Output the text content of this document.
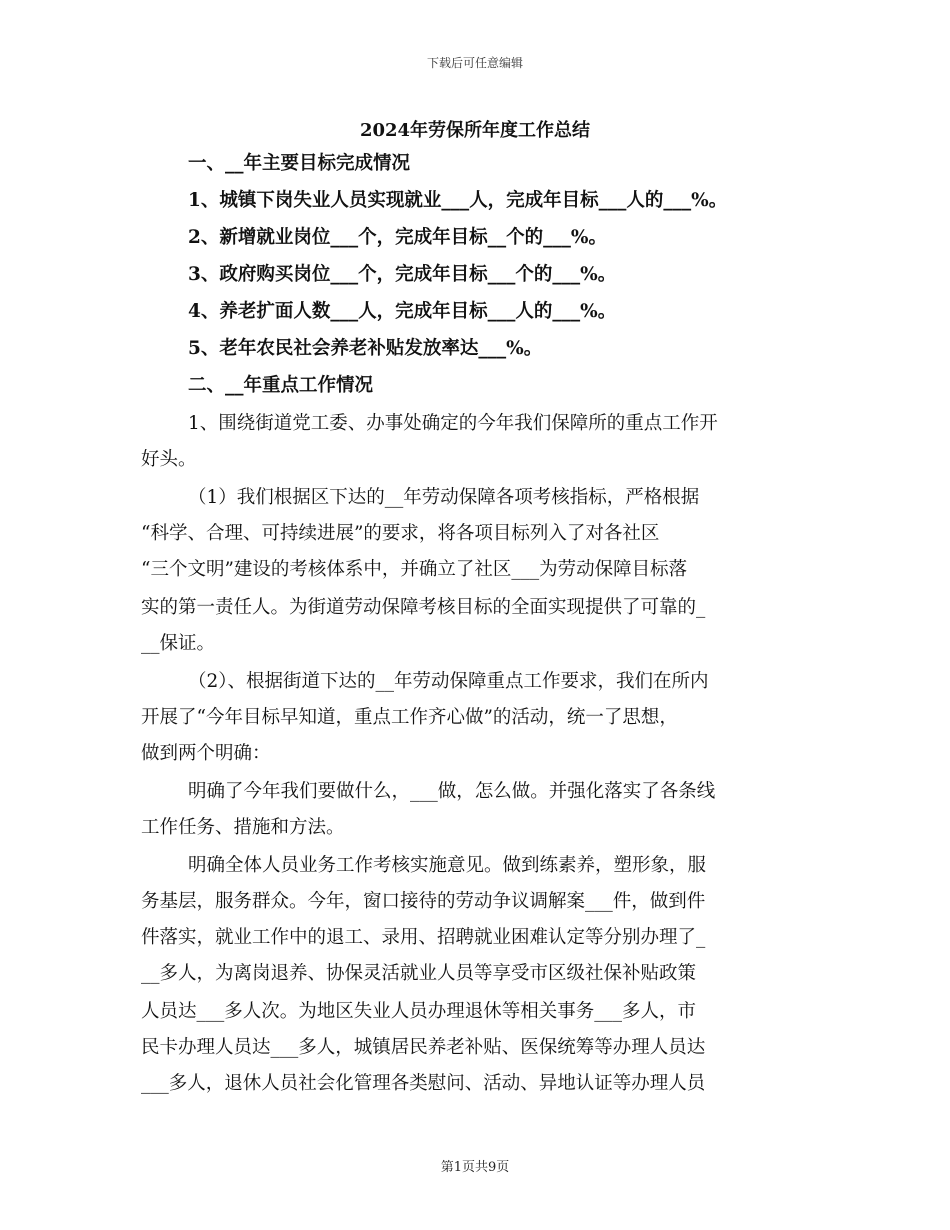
下载后可任意编辑
2024年劳保所年度工作总结
一、__年主要目标完成情况
1、城镇下岗失业人员实现就业___人，完成年目标___人的___%。
2、新增就业岗位___个，完成年目标__个的___%。
3、政府购买岗位___个，完成年目标___个的___%。
4、养老扩面人数___人，完成年目标___人的___%。
5、老年农民社会养老补贴发放率达___%。
二、__年重点工作情况
1、围绕街道党工委、办事处确定的今年我们保障所的重点工作开
好头。
（1）我们根据区下达的__年劳动保障各项考核指标，严格根据
“科学、合理、可持续进展”的要求，将各项目标列入了对各社区
“三个文明”建设的考核体系中，并确立了社区___为劳动保障目标落
实的第一责任人。为街道劳动保障考核目标的全面实现提供了可靠的_
__保证。
（2）、根据街道下达的__年劳动保障重点工作要求，我们在所内
开展了“今年目标早知道，重点工作齐心做”的活动，统一了思想，
做到两个明确：
明确了今年我们要做什么，___做，怎么做。并强化落实了各条线
工作任务、措施和方法。
明确全体人员业务工作考核实施意见。做到练素养，塑形象，服
务基层，服务群众。今年，窗口接待的劳动争议调解案___件，做到件
件落实，就业工作中的退工、录用、招聘就业困难认定等分别办理了_
__多人，为离岗退养、协保灵活就业人员等享受市区级社保补贴政策
人员达___多人次。为地区失业人员办理退休等相关事务___多人，市
民卡办理人员达___多人，城镇居民养老补贴、医保统筹等办理人员达
___多人，退休人员社会化管理各类慰问、活动、异地认证等办理人员
第1页共9页
